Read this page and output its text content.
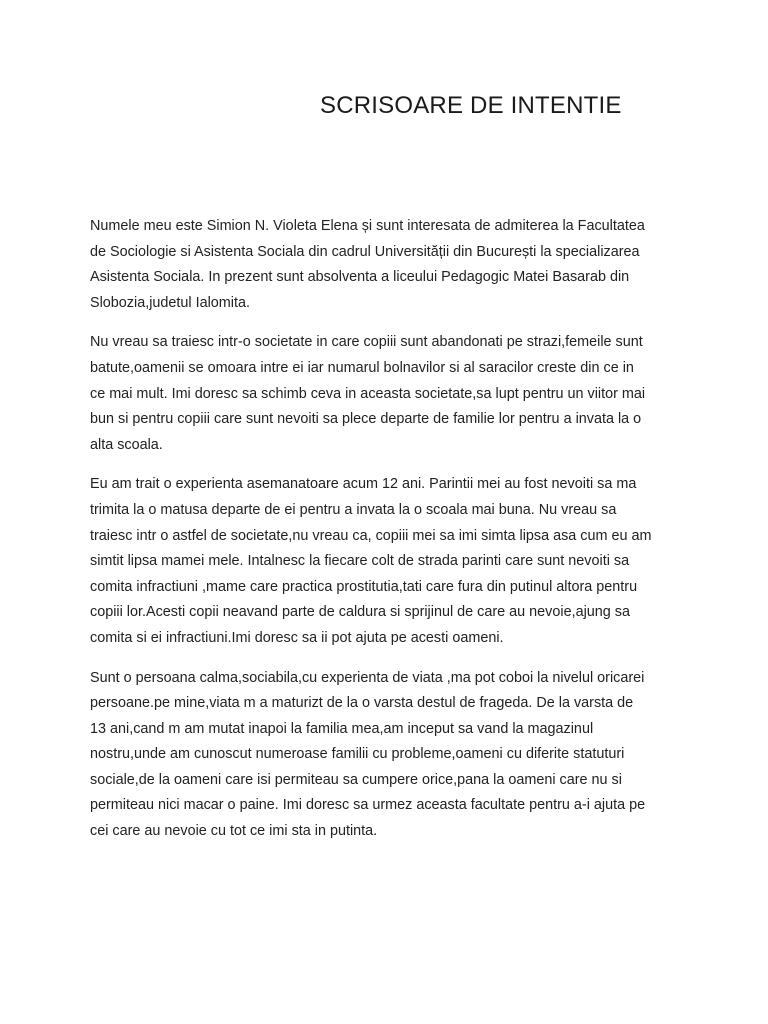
SCRISOARE DE INTENTIE

Numele meu este Simion N. Violeta Elena și sunt interesata de admiterea la Facultatea
de Sociologie si Asistenta Sociala din cadrul Universității din București la specializarea
Asistenta Sociala. In prezent sunt absolventa a liceului Pedagogic Matei Basarab din
Slobozia,judetul Ialomita.

Nu vreau sa traiesc intr-o societate in care copiii sunt abandonati pe strazi,femeile sunt
batute,oamenii se omoara intre ei iar numarul bolnavilor si al saracilor creste din ce in
ce mai mult. Imi doresc sa schimb ceva in aceasta societate,sa lupt pentru un viitor mai
bun si pentru copiii care sunt nevoiti sa plece departe de familie lor pentru a invata la o
alta scoala.

Eu am trait o experienta asemanatoare acum 12 ani. Parintii mei au fost nevoiti sa ma
trimita la o matusa departe de ei pentru a invata la o scoala mai buna. Nu vreau sa
traiesc intr o astfel de societate,nu vreau ca, copiii mei sa imi simta lipsa asa cum eu am
simtit lipsa mamei mele. Intalnesc la fiecare colt de strada parinti care sunt nevoiti sa
comita infractiuni ,mame care practica prostitutia,tati care fura din putinul altora pentru
copiii lor.Acesti copii neavand parte de caldura si sprijinul de care au nevoie,ajung sa
comita si ei infractiuni.Imi doresc sa ii pot ajuta pe acesti oameni.

Sunt o persoana calma,sociabila,cu experienta de viata ,ma pot coboi la nivelul oricarei
persoane.pe mine,viata m a maturizt de la o varsta destul de frageda. De la varsta de
13 ani,cand m am mutat inapoi la familia mea,am inceput sa vand la magazinul
nostru,unde am cunoscut numeroase familii cu probleme,oameni cu diferite statuturi
sociale,de la oameni care isi permiteau sa cumpere orice,pana la oameni care nu si
permiteau nici macar o paine. Imi doresc sa urmez aceasta facultate pentru a-i ajuta pe
cei care au nevoie cu tot ce imi sta in putinta.
